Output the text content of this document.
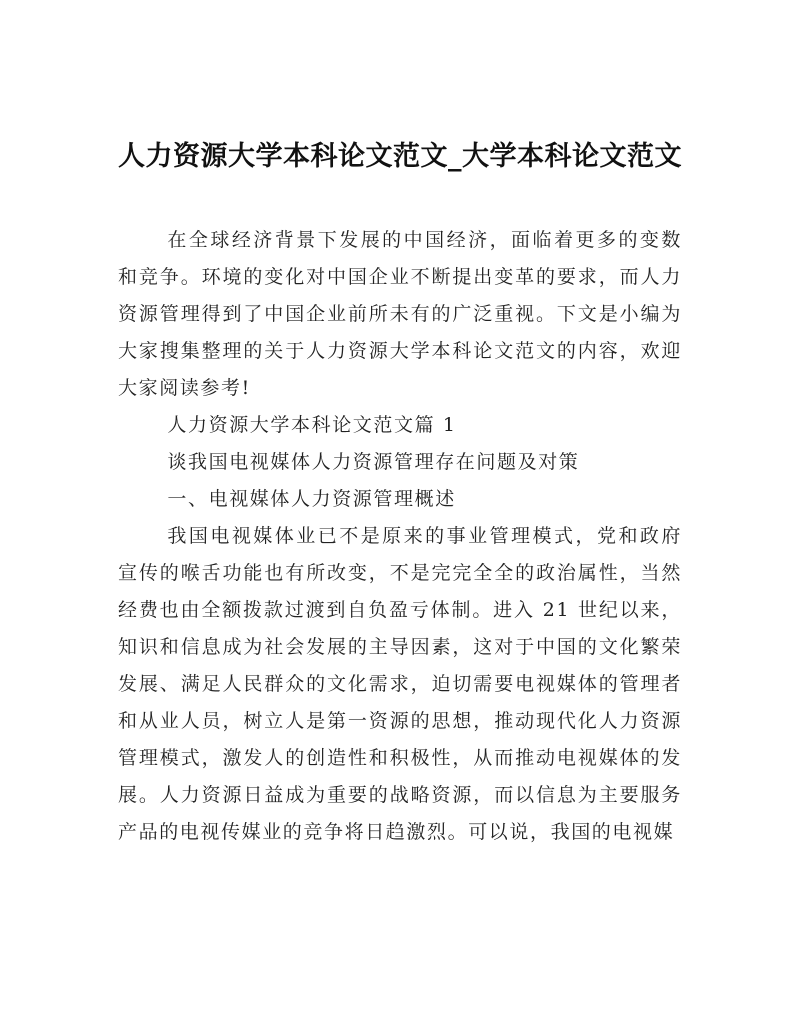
人力资源大学本科论文范文_大学本科论文范文

在全球经济背景下发展的中国经济，面临着更多的变数和竞争。环境的变化对中国企业不断提出变革的要求，而人力资源管理得到了中国企业前所未有的广泛重视。下文是小编为大家搜集整理的关于人力资源大学本科论文范文的内容，欢迎大家阅读参考!

人力资源大学本科论文范文篇 1

谈我国电视媒体人力资源管理存在问题及对策

一、电视媒体人力资源管理概述

我国电视媒体业已不是原来的事业管理模式，党和政府宣传的喉舌功能也有所改变，不是完完全全的政治属性，当然经费也由全额拨款过渡到自负盈亏体制。进入 21 世纪以来，知识和信息成为社会发展的主导因素，这对于中国的文化繁荣发展、满足人民群众的文化需求，迫切需要电视媒体的管理者和从业人员，树立人是第一资源的思想，推动现代化人力资源管理模式，激发人的创造性和积极性，从而推动电视媒体的发展。人力资源日益成为重要的战略资源，而以信息为主要服务产品的电视传媒业的竞争将日趋激烈。可以说，我国的电视媒
